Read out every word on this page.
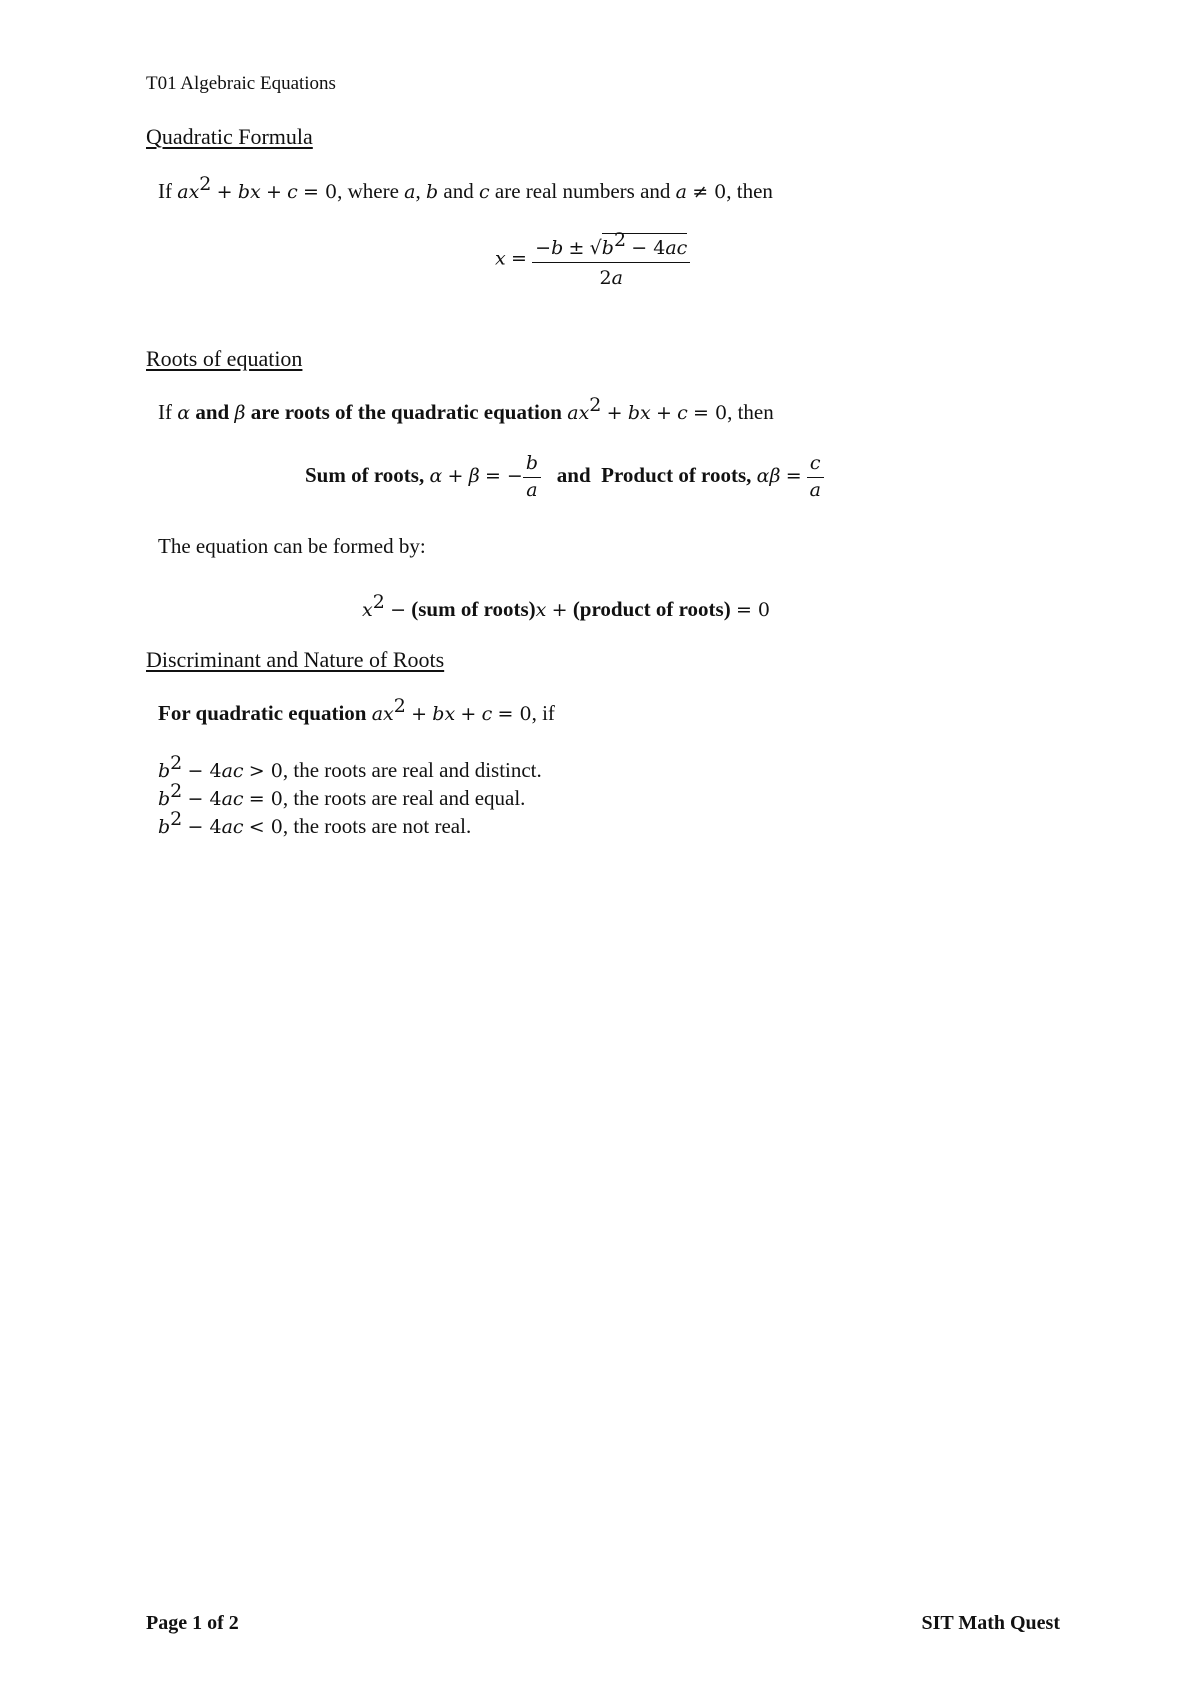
T01 Algebraic Equations
Quadratic Formula
If $ax^2$ + bx + c = 0, where a, b and c are real numbers and a ≠ 0, then
$x = \frac{-b \pm √b^2 - 4ac}{2a}$
Roots of equation
If α and β are roots of the quadratic equation $ax^2$ + bx + c = 0, then
Sum of roots, α + β = − $\frac{b}{a}$ and Product of roots, $\alpha\beta = \frac{c}{a}$
The equation can be formed by:
$x^2 - (sum$ of roots)x + (product of roots) = 0
Discriminant and Nature of Roots
For quadratic equation $ax^2$ + bx + c = 0, if
$b^2 - 4ac > 0$, the roots are real and distinct.
$b^2 - 4ac = 0$, the roots are real and equal.
$b^2 - 4ac < 0$, the roots are not real.
Page 1 of 2	SIT Math Quest
